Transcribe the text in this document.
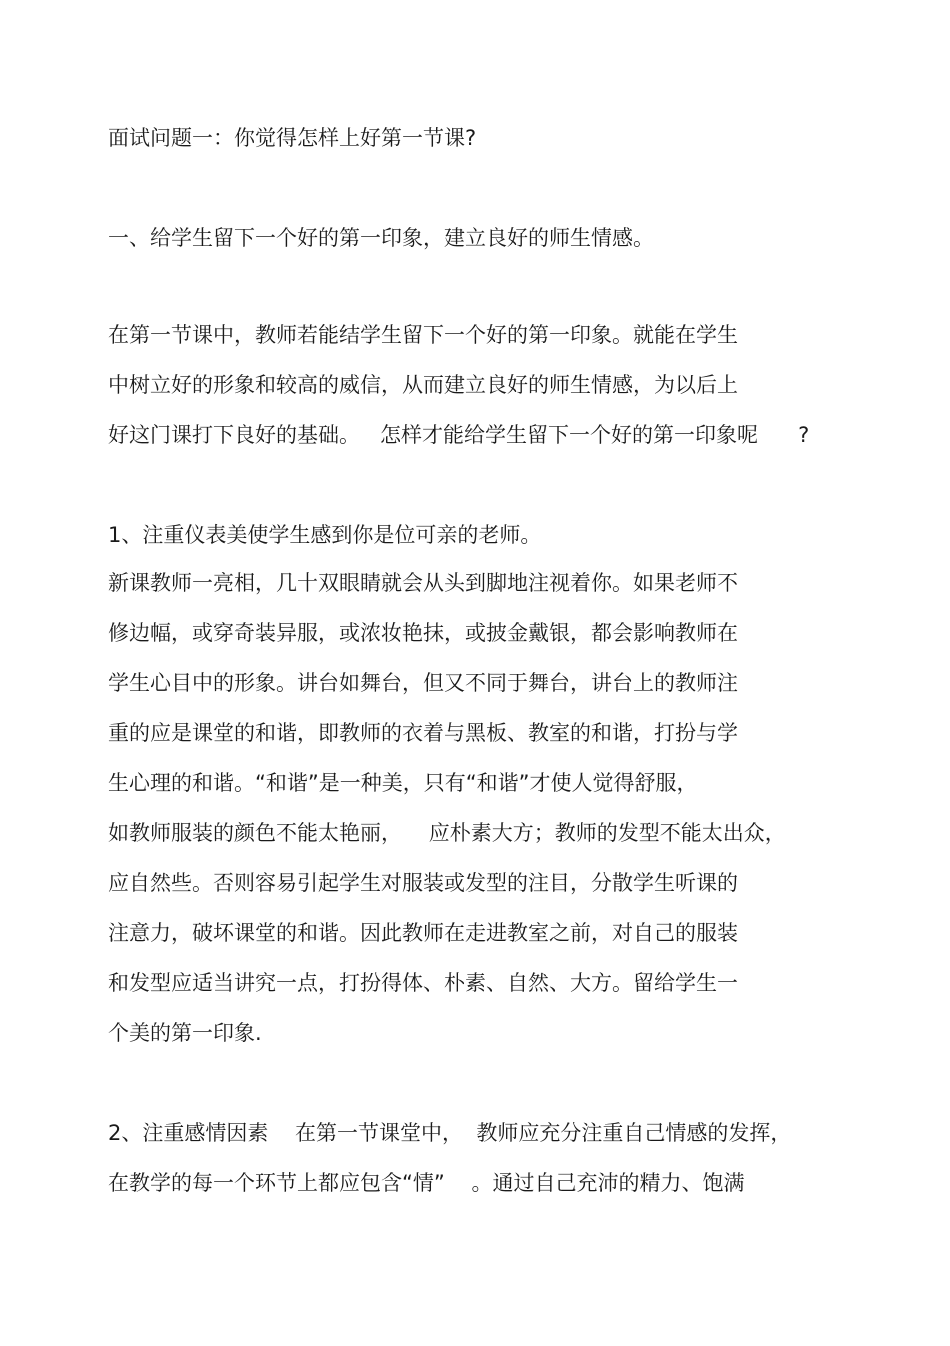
面试问题一：你觉得怎样上好第一节课?

一、给学生留下一个好的第一印象，建立良好的师生情感。

在第一节课中，教师若能结学生留下一个好的第一印象。就能在学生

中树立好的形象和较高的威信，从而建立良好的师生情感，为以后上

好这门课打下良好的基础。   怎样才能给学生留下一个好的第一印象呢      ?

1、注重仪表美使学生感到你是位可亲的老师。

新课教师一亮相，几十双眼睛就会从头到脚地注视着你。如果老师不

修边幅，或穿奇装异服，或浓妆艳抹，或披金戴银，都会影响教师在

学生心目中的形象。讲台如舞台，但又不同于舞台，讲台上的教师注

重的应是课堂的和谐，即教师的衣着与黑板、教室的和谐，打扮与学

生心理的和谐。“和谐”是一种美，只有“和谐”才使人觉得舒服，

如教师服装的颜色不能太艳丽，    应朴素大方；教师的发型不能太出众，

应自然些。否则容易引起学生对服装或发型的注目，分散学生听课的

注意力，破坏课堂的和谐。因此教师在走进教室之前，对自己的服装

和发型应适当讲究一点，打扮得体、朴素、自然、大方。留给学生一

个美的第一印象.

2、注重感情因素    在第一节课堂中，  教师应充分注重自己情感的发挥，

在教学的每一个环节上都应包含“情”    。通过自己充沛的精力、饱满
